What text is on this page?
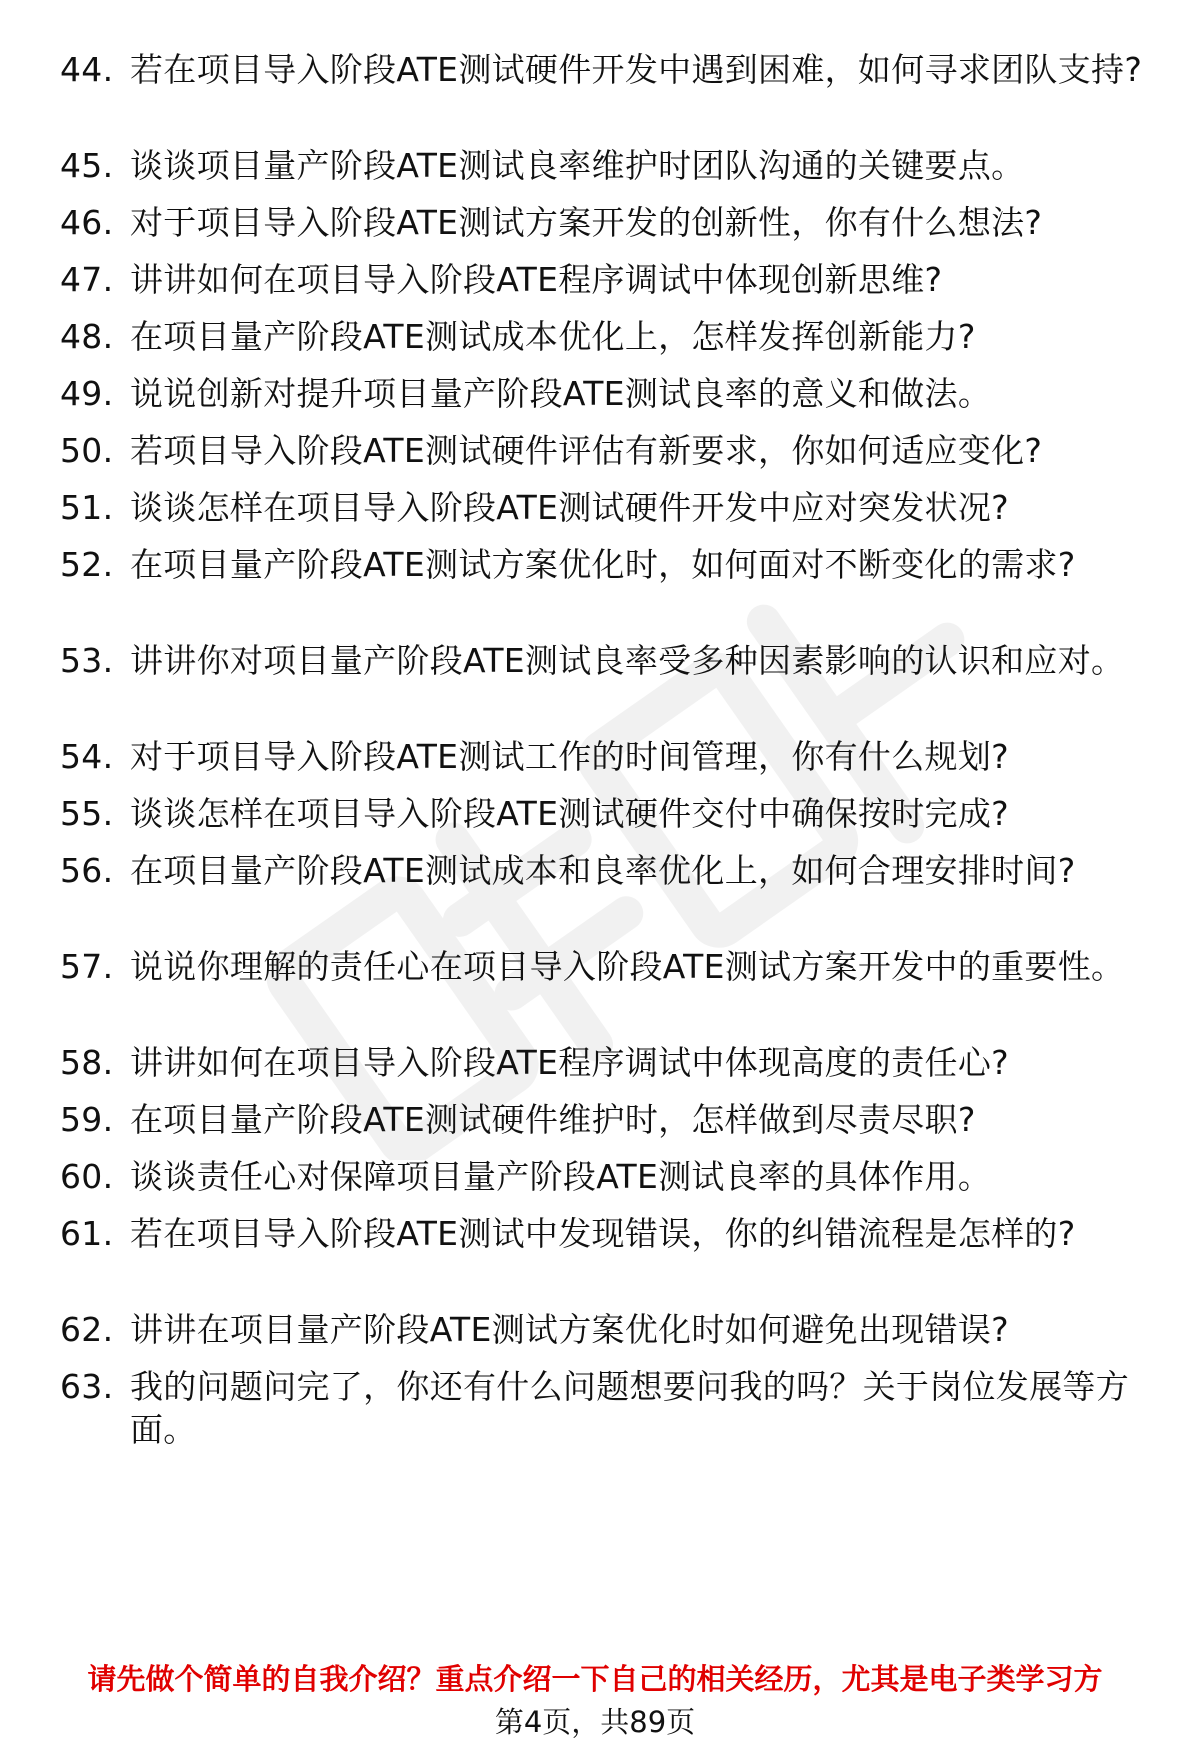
44. 若在项目导入阶段ATE测试硬件开发中遇到困难，如何寻求团队支持?
45. 谈谈项目量产阶段ATE测试良率维护时团队沟通的关键要点。
46. 对于项目导入阶段ATE测试方案开发的创新性，你有什么想法?
47. 讲讲如何在项目导入阶段ATE程序调试中体现创新思维?
48. 在项目量产阶段ATE测试成本优化上，怎样发挥创新能力?
49. 说说创新对提升项目量产阶段ATE测试良率的意义和做法。
50. 若项目导入阶段ATE测试硬件评估有新要求，你如何适应变化?
51. 谈谈怎样在项目导入阶段ATE测试硬件开发中应对突发状况?
52. 在项目量产阶段ATE测试方案优化时，如何面对不断变化的需求?
53. 讲讲你对项目量产阶段ATE测试良率受多种因素影响的认识和应对。
54. 对于项目导入阶段ATE测试工作的时间管理，你有什么规划?
55. 谈谈怎样在项目导入阶段ATE测试硬件交付中确保按时完成?
56. 在项目量产阶段ATE测试成本和良率优化上，如何合理安排时间?
57. 说说你理解的责任心在项目导入阶段ATE测试方案开发中的重要性。
58. 讲讲如何在项目导入阶段ATE程序调试中体现高度的责任心?
59. 在项目量产阶段ATE测试硬件维护时，怎样做到尽责尽职?
60. 谈谈责任心对保障项目量产阶段ATE测试良率的具体作用。
61. 若在项目导入阶段ATE测试中发现错误，你的纠错流程是怎样的?
62. 讲讲在项目量产阶段ATE测试方案优化时如何避免出现错误?
63. 我的问题问完了，你还有什么问题想要问我的吗？关于岗位发展等方面。
请先做个简单的自我介绍？重点介绍一下自己的相关经历，尤其是电子类学习方
第4页，共89页
